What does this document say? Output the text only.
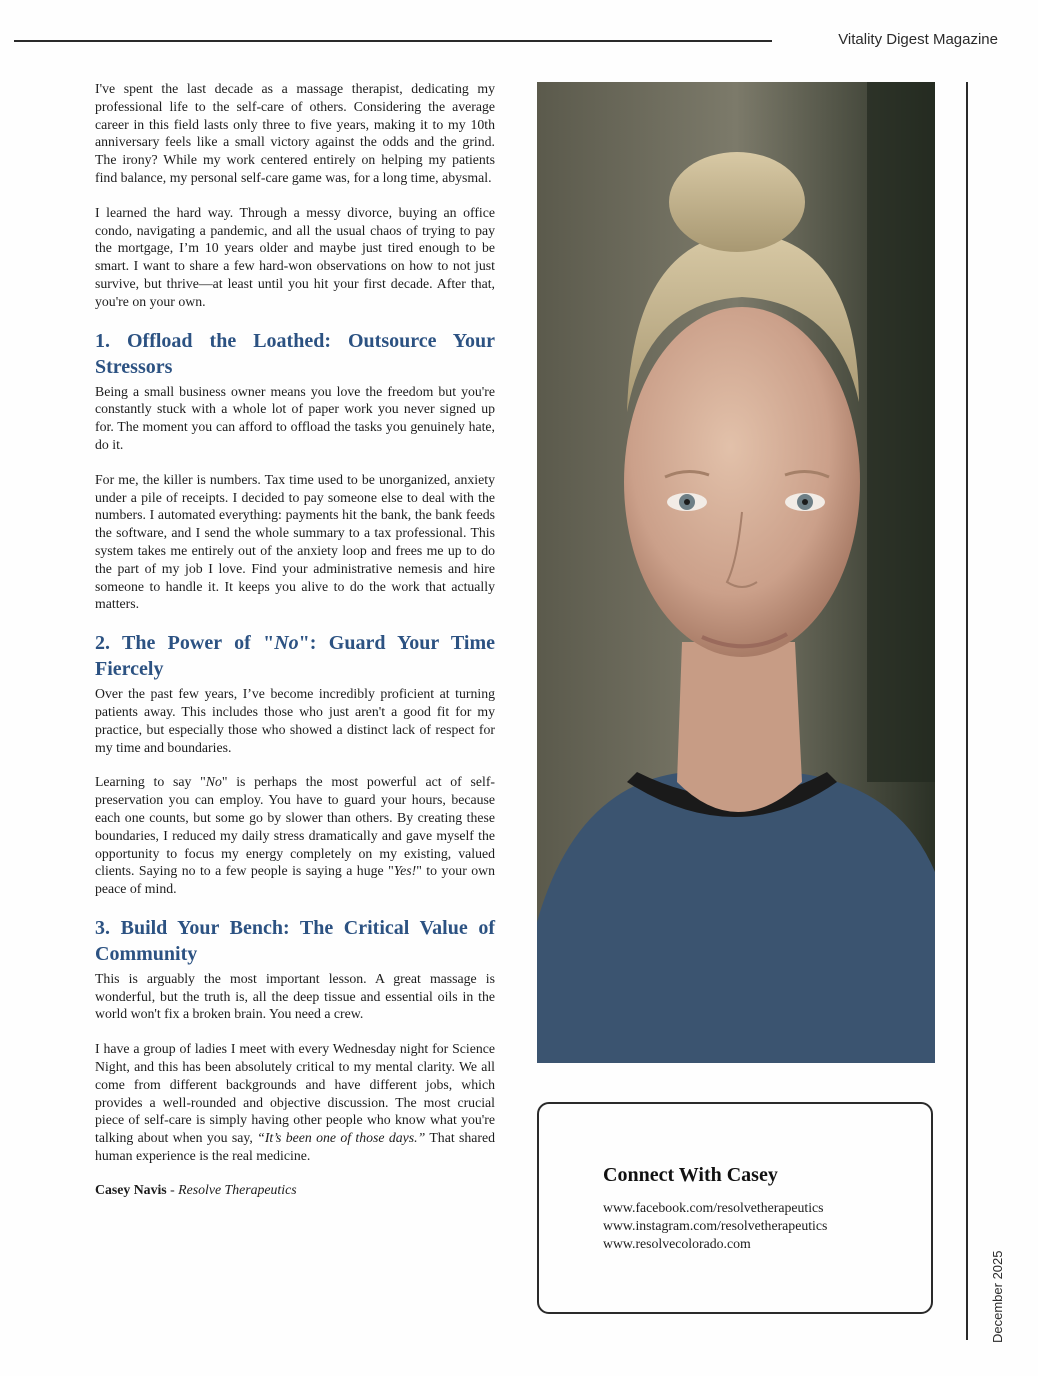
Vitality Digest Magazine
December 2025

I've spent the last decade as a massage therapist, dedicating my professional life to the self-care of others. Considering the average career in this field lasts only three to five years, making it to my 10th anniversary feels like a small victory against the odds and the grind. The irony? While my work centered entirely on helping my patients find balance, my personal self-care game was, for a long time, abysmal.

I learned the hard way. Through a messy divorce, buying an office condo, navigating a pandemic, and all the usual chaos of trying to pay the mortgage, I’m 10 years older and maybe just tired enough to be smart. I want to share a few hard-won observations on how to not just survive, but thrive—at least until you hit your first decade. After that, you're on your own.

1. Offload the Loathed: Outsource Your Stressors

Being a small business owner means you love the freedom but you're constantly stuck with a whole lot of paper work you never signed up for. The moment you can afford to offload the tasks you genuinely hate, do it.

For me, the killer is numbers. Tax time used to be unorganized, anxiety under a pile of receipts. I decided to pay someone else to deal with the numbers. I automated everything: payments hit the bank, the bank feeds the software, and I send the whole summary to a tax professional. This system takes me entirely out of the anxiety loop and frees me up to do the part of my job I love. Find your administrative nemesis and hire someone to handle it. It keeps you alive to do the work that actually matters.

2. The Power of "No": Guard Your Time Fiercely

Over the past few years, I’ve become incredibly proficient at turning patients away. This includes those who just aren't a good fit for my practice, but especially those who showed a distinct lack of respect for my time and boundaries.

Learning to say "No" is perhaps the most powerful act of self-preservation you can employ. You have to guard your hours, because each one counts, but some go by slower than others. By creating these boundaries, I reduced my daily stress dramatically and gave myself the opportunity to focus my energy completely on my existing, valued clients. Saying no to a few people is saying a huge "Yes!" to your own peace of mind.

3. Build Your Bench: The Critical Value of Community

This is arguably the most important lesson. A great massage is wonderful, but the truth is, all the deep tissue and essential oils in the world won't fix a broken brain. You need a crew.

I have a group of ladies I meet with every Wednesday night for Science Night, and this has been absolutely critical to my mental clarity. We all come from different backgrounds and have different jobs, which provides a well-rounded and objective discussion. The most crucial piece of self-care is simply having other people who know what you're talking about when you say, “It’s been one of those days.” That shared human experience is the real medicine.

Casey Navis - Resolve Therapeutics
Connect With Casey
www.facebook.com/resolvetherapeutics
www.instagram.com/resolvetherapeutics
www.resolvecolorado.com
